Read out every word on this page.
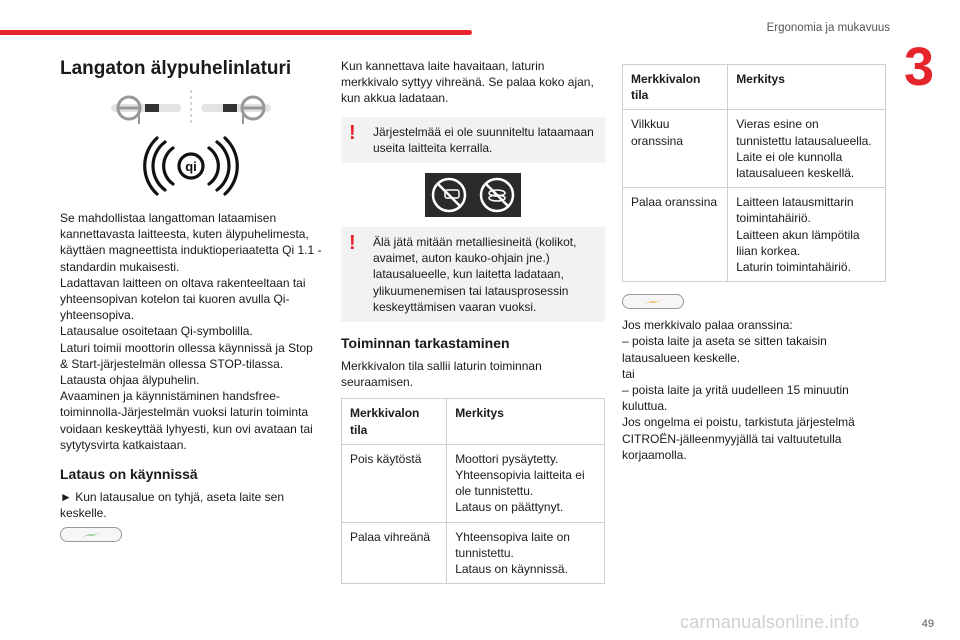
Ergonomia ja mukavuus
3
Langaton älypuhelinlaturi
qi

Se mahdollistaa langattoman lataamisen kannettavasta laitteesta, kuten älypuhelimesta, käyttäen magneettista induktioperiaatetta Qi 1.1 -standardin mukaisesti.

Ladattavan laitteen on oltava rakenteeltaan tai yhteensopivan kotelon tai kuoren avulla Qi-yhteensopiva.

Latausalue osoitetaan Qi-symbolilla.

Laturi toimii moottorin ollessa käynnissä ja Stop & Start-järjestelmän ollessa STOP-tilassa.

Latausta ohjaa älypuhelin.

Avaaminen ja käynnistäminen handsfree-toiminnolla-Järjestelmän vuoksi laturin toiminta voidaan keskeyttää lyhyesti, kun ovi avataan tai sytytysvirta katkaistaan.

Lataus on käynnissä

► Kun latausalue on tyhjä, aseta laite sen keskelle.

Kun kannettava laite havaitaan, laturin merkkivalo syttyy vihreänä. Se palaa koko ajan, kun akkua ladataan.

! Järjestelmää ei ole suunniteltu lataamaan useita laitteita kerralla.
! Älä jätä mitään metalliesineitä (kolikot, avaimet, auton kauko-ohjain jne.) latausalueelle, kun laitetta ladataan, ylikuumenemisen tai latausprosessin keskeyttämisen vaaran vuoksi.
Toiminnan tarkastaminen

Merkkivalon tila sallii laturin toiminnan seuraamisen.

Merkkivalon tila	Merkitys
Pois käytöstä	Moottori pysäytetty.
Yhteensopivia laitteita ei ole tunnistettu.
Lataus on päättynyt.

Palaa vihreänä	Yhteensopiva laite on tunnistettu.
Lataus on käynnissä.
Merkkivalon tila	Merkitys
Vilkkuu oranssina	Vieras esine on tunnistettu latausalueella.
Laite ei ole kunnolla latausalueen keskellä.

Palaa oranssina	Laitteen latausmittarin toimintahäiriö.
Laitteen akun lämpötila liian korkea.
Laturin toimintahäiriö.

Jos merkkivalo palaa oranssina:

– poista laite ja aseta se sitten takaisin latausalueen keskelle.

tai

– poista laite ja yritä uudelleen 15 minuutin kuluttua.

Jos ongelma ei poistu, tarkistuta järjestelmä CITROËN-jälleenmyyjällä tai valtuutetulla korjaamolla.

carmanualsonline.info	49
